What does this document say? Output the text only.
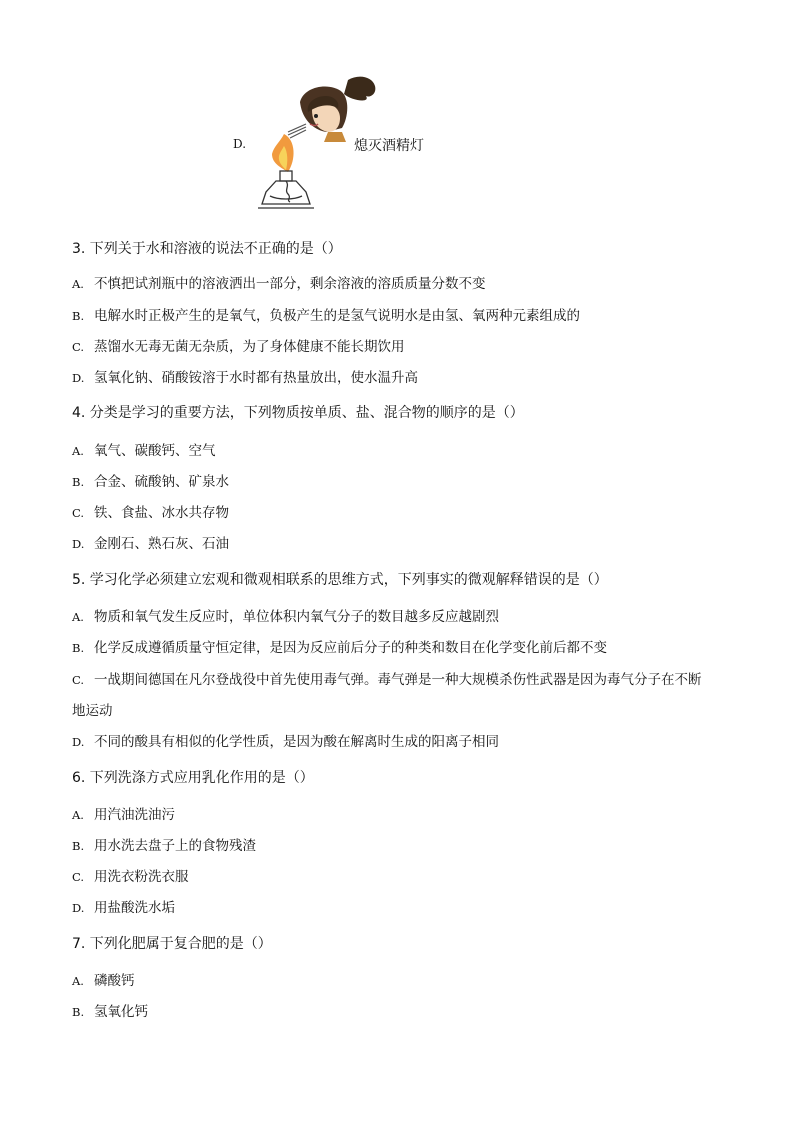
D.	熄灭酒精灯
3. 下列关于水和溶液的说法不正确的是（）
A. 不慎把试剂瓶中的溶液洒出一部分，剩余溶液的溶质质量分数不变
B. 电解水时正极产生的是氧气，负极产生的是氢气说明水是由氢、氧两种元素组成的
C. 蒸馏水无毒无菌无杂质，为了身体健康不能长期饮用
D. 氢氧化钠、硝酸铵溶于水时都有热量放出，使水温升高
4. 分类是学习的重要方法，下列物质按单质、盐、混合物的顺序的是（）
A. 氧气、碳酸钙、空气
B. 合金、硫酸钠、矿泉水
C. 铁、食盐、冰水共存物
D. 金刚石、熟石灰、石油
5. 学习化学必须建立宏观和微观相联系的思维方式，下列事实的微观解释错误的是（）
A. 物质和氧气发生反应时，单位体积内氧气分子的数目越多反应越剧烈
B. 化学反成遵循质量守恒定律，是因为反应前后分子的种类和数目在化学变化前后都不变
C. 一战期间德国在凡尔登战役中首先使用毒气弹。毒气弹是一种大规模杀伤性武器是因为毒气分子在不断
地运动
D. 不同的酸具有相似的化学性质，是因为酸在解离时生成的阳离子相同
6. 下列洗涤方式应用乳化作用的是（）
A. 用汽油洗油污
B. 用水洗去盘子上的食物残渣
C. 用洗衣粉洗衣服
D. 用盐酸洗水垢
7. 下列化肥属于复合肥的是（）
A. 磷酸钙
B. 氢氧化钙
